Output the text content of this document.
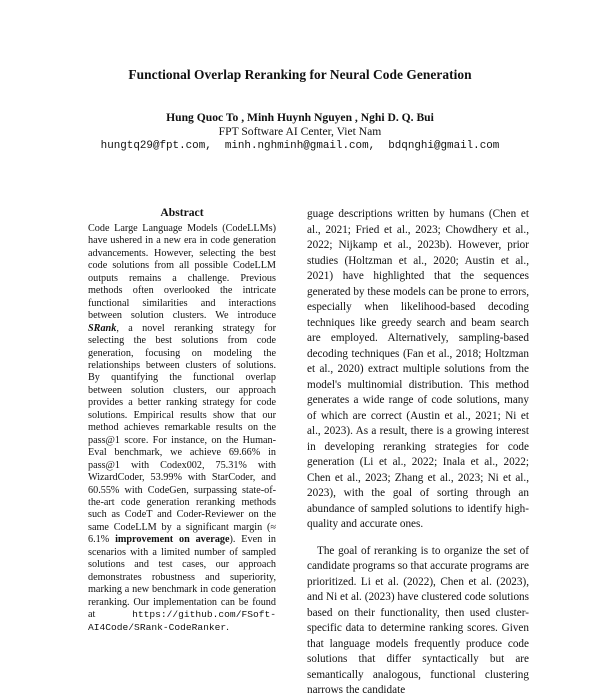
Functional Overlap Reranking for Neural Code Generation
Hung Quoc To , Minh Huynh Nguyen , Nghi D. Q. Bui
FPT Software AI Center, Viet Nam
hungtq29@fpt.com,  minh.nghminh@gmail.com,  bdqnghi@gmail.com
Abstract
Code Large Language Models (CodeLLMs) have ushered in a new era in code generation advancements. However, selecting the best code solutions from all possible CodeLLM outputs remains a challenge. Previous methods often overlooked the intricate functional similarities and interactions between solution clusters. We introduce SRank, a novel reranking strategy for selecting the best solutions from code generation, focusing on modeling the relationships between clusters of solutions. By quantifying the functional overlap between solution clusters, our approach provides a better ranking strategy for code solutions. Empirical results show that our method achieves remarkable results on the pass@1 score. For instance, on the Human-Eval benchmark, we achieve 69.66% in pass@1 with Codex002, 75.31% with WizardCoder, 53.99% with StarCoder, and 60.55% with CodeGen, surpassing state-of-the-art code generation reranking methods such as CodeT and Coder-Reviewer on the same CodeLLM by a significant margin (≈ 6.1% improvement on average). Even in scenarios with a limited number of sampled solutions and test cases, our approach demonstrates robustness and superiority, marking a new benchmark in code generation reranking. Our implementation can be found at https://github.com/FSoft-AI4Code/SRank-CodeRanker.

guage descriptions written by humans (Chen et al., 2021; Fried et al., 2023; Chowdhery et al., 2022; Nijkamp et al., 2023b). However, prior studies (Holtzman et al., 2020; Austin et al., 2021) have highlighted that the sequences generated by these models can be prone to errors, especially when likelihood-based decoding techniques like greedy search and beam search are employed. Alternatively, sampling-based decoding techniques (Fan et al., 2018; Holtzman et al., 2020) extract multiple solutions from the model's multinomial distribution. This method generates a wide range of code solutions, many of which are correct (Austin et al., 2021; Ni et al., 2023). As a result, there is a growing interest in developing reranking strategies for code generation (Li et al., 2022; Inala et al., 2022; Chen et al., 2023; Zhang et al., 2023; Ni et al., 2023), with the goal of sorting through an abundance of sampled solutions to identify high-quality and accurate ones.

The goal of reranking is to organize the set of candidate programs so that accurate programs are prioritized. Li et al. (2022), Chen et al. (2023), and Ni et al. (2023) have clustered code solutions based on their functionality, then used cluster-specific data to determine ranking scores. Given that language models frequently produce code solutions that differ syntactically but are semantically analogous, functional clustering narrows the candidate
